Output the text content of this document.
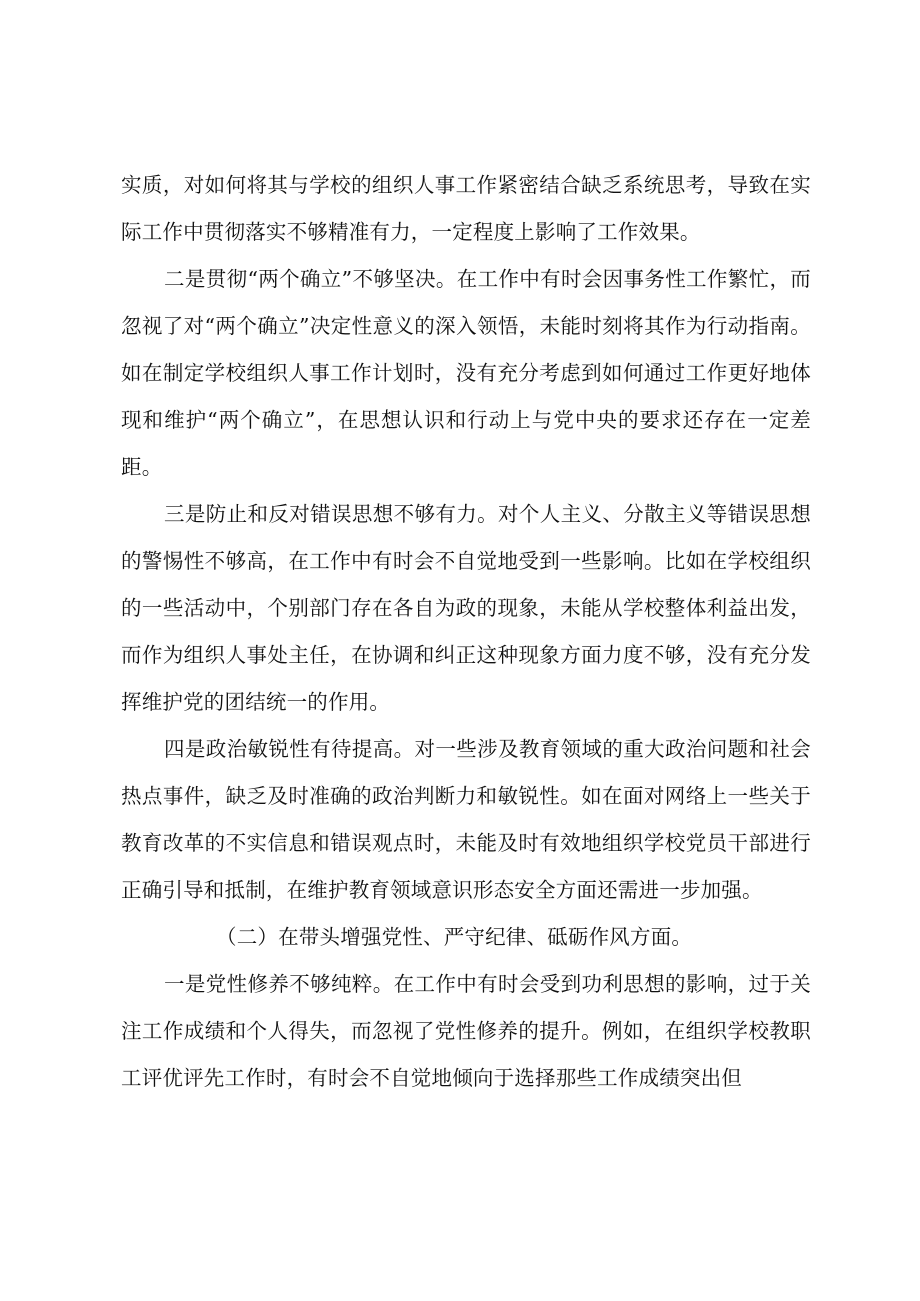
实质，对如何将其与学校的组织人事工作紧密结合缺乏系统思考，导致在实际工作中贯彻落实不够精准有力，一定程度上影响了工作效果。

二是贯彻“两个确立”不够坚决。在工作中有时会因事务性工作繁忙，而忽视了对“两个确立”决定性意义的深入领悟，未能时刻将其作为行动指南。如在制定学校组织人事工作计划时，没有充分考虑到如何通过工作更好地体现和维护“两个确立”，在思想认识和行动上与党中央的要求还存在一定差距。

三是防止和反对错误思想不够有力。对个人主义、分散主义等错误思想的警惕性不够高，在工作中有时会不自觉地受到一些影响。比如在学校组织的一些活动中，个别部门存在各自为政的现象，未能从学校整体利益出发，而作为组织人事处主任，在协调和纠正这种现象方面力度不够，没有充分发挥维护党的团结统一的作用。

四是政治敏锐性有待提高。对一些涉及教育领域的重大政治问题和社会热点事件，缺乏及时准确的政治判断力和敏锐性。如在面对网络上一些关于教育改革的不实信息和错误观点时，未能及时有效地组织学校党员干部进行正确引导和抵制，在维护教育领域意识形态安全方面还需进一步加强。

（二）在带头增强党性、严守纪律、砥砺作风方面。

一是党性修养不够纯粹。在工作中有时会受到功利思想的影响，过于关注工作成绩和个人得失，而忽视了党性修养的提升。例如，在组织学校教职工评优评先工作时，有时会不自觉地倾向于选择那些工作成绩突出但
